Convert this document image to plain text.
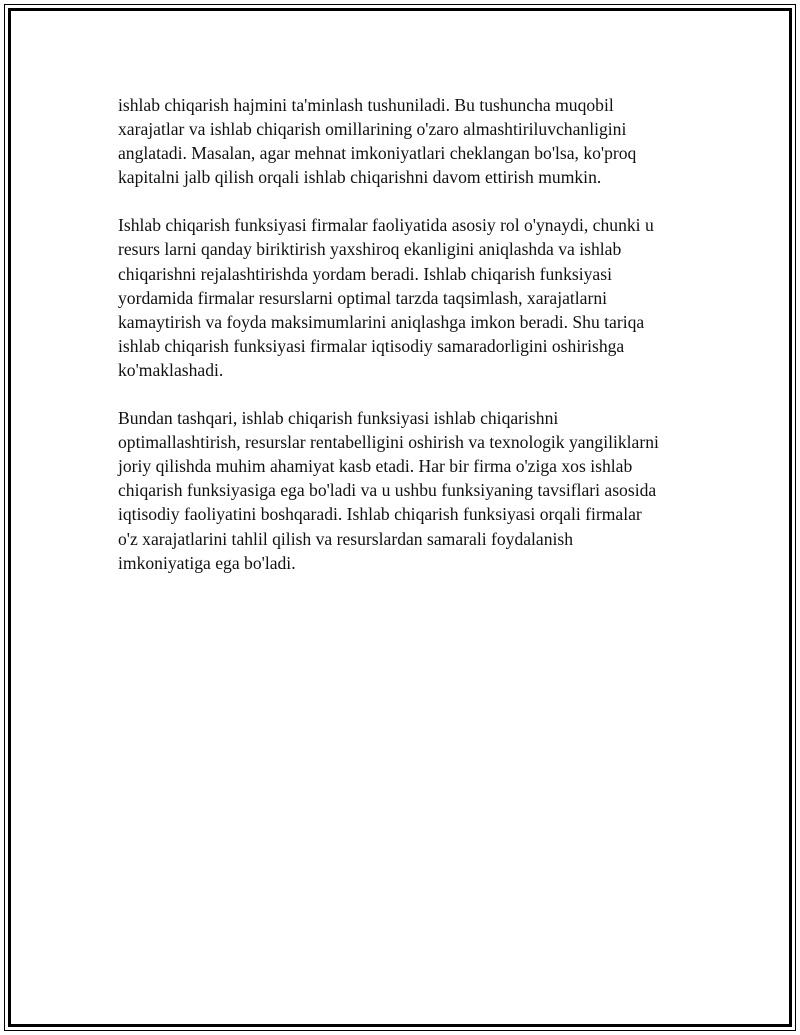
ishlab chiqarish hajmini ta'minlash tushuniladi. Bu tushuncha muqobil
xarajatlar va ishlab chiqarish omillarining o'zaro almashtiriluvchanligini
anglatadi. Masalan, agar mehnat imkoniyatlari cheklangan bo'lsa, ko'proq
kapitalni jalb qilish orqali ishlab chiqarishni davom ettirish mumkin.

Ishlab chiqarish funksiyasi firmalar faoliyatida asosiy rol o'ynaydi, chunki u
resurs larni qanday biriktirish yaxshiroq ekanligini aniqlashda va ishlab
chiqarishni rejalashtirishda yordam beradi. Ishlab chiqarish funksiyasi
yordamida firmalar resurslarni optimal tarzda taqsimlash, xarajatlarni
kamaytirish va foyda maksimumlarini aniqlashga imkon beradi. Shu tariqa
ishlab chiqarish funksiyasi firmalar iqtisodiy samaradorligini oshirishga
ko'maklashadi.

Bundan tashqari, ishlab chiqarish funksiyasi ishlab chiqarishni
optimallashtirish, resurslar rentabelligini oshirish va texnologik yangiliklarni
joriy qilishda muhim ahamiyat kasb etadi. Har bir firma o'ziga xos ishlab
chiqarish funksiyasiga ega bo'ladi va u ushbu funksiyaning tavsiflari asosida
iqtisodiy faoliyatini boshqaradi. Ishlab chiqarish funksiyasi orqali firmalar
o'z xarajatlarini tahlil qilish va resurslardan samarali foydalanish
imkoniyatiga ega bo'ladi.
